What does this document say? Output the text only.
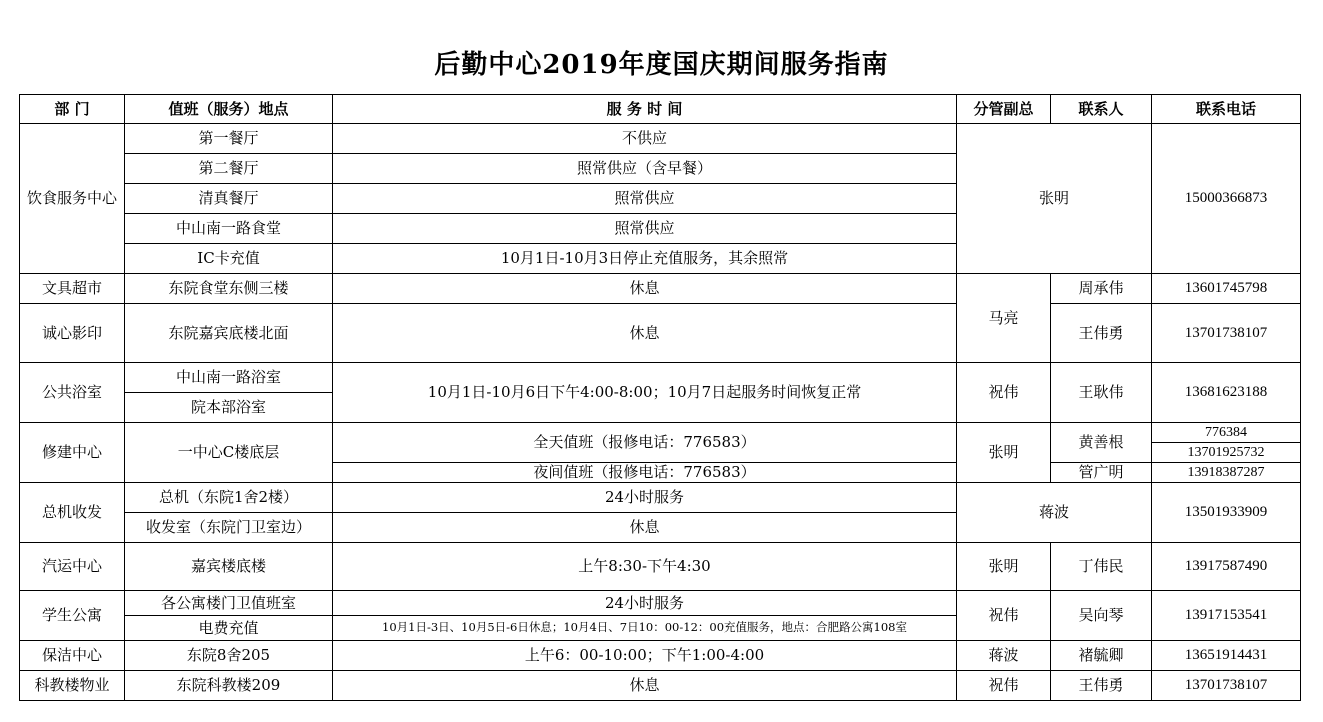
后勤中心2019年度国庆期间服务指南
部 门	值班（服务）地点	服 务 时 间	分管副总	联系人	联系电话
饮食服务中心	第一餐厅	不供应	张明		15000366873
	第二餐厅	照常供应（含早餐）			
	清真餐厅	照常供应			
	中山南一路食堂	照常供应			
	IC卡充值	10月1日-10月3日停止充值服务，其余照常			
文具超市	东院食堂东侧三楼	休息	马亮	周承伟	13601745798
诚心影印	东院嘉宾底楼北面	休息		王伟勇	13701738107
公共浴室	中山南一路浴室	10月1日-10月6日下午4:00-8:00；10月7日起服务时间恢复正常	祝伟	王耿伟	13681623188
	院本部浴室				
修建中心	一中心C楼底层	全天值班（报修电话：776583）	张明	黄善根	776384
					13701925732
		夜间值班（报修电话：776583）		管广明	13918387287
总机收发	总机（东院1舍2楼）	24小时服务	蒋波		13501933909
	收发室（东院门卫室边）	休息			
汽运中心	嘉宾楼底楼	上午8:30-下午4:30	张明	丁伟民	13917587490
学生公寓	各公寓楼门卫值班室	24小时服务	祝伟	吴向琴	13917153541
	电费充值	10月1日-3日、10月5日-6日休息；10月4日、7日10：00-12：00充值服务，地点：合肥路公寓108室			
保洁中心	东院8舍205	上午6：00-10:00；下午1:00-4:00	蒋波	褚毓卿	13651914431
科教楼物业	东院科教楼209	休息	祝伟	王伟勇	13701738107
